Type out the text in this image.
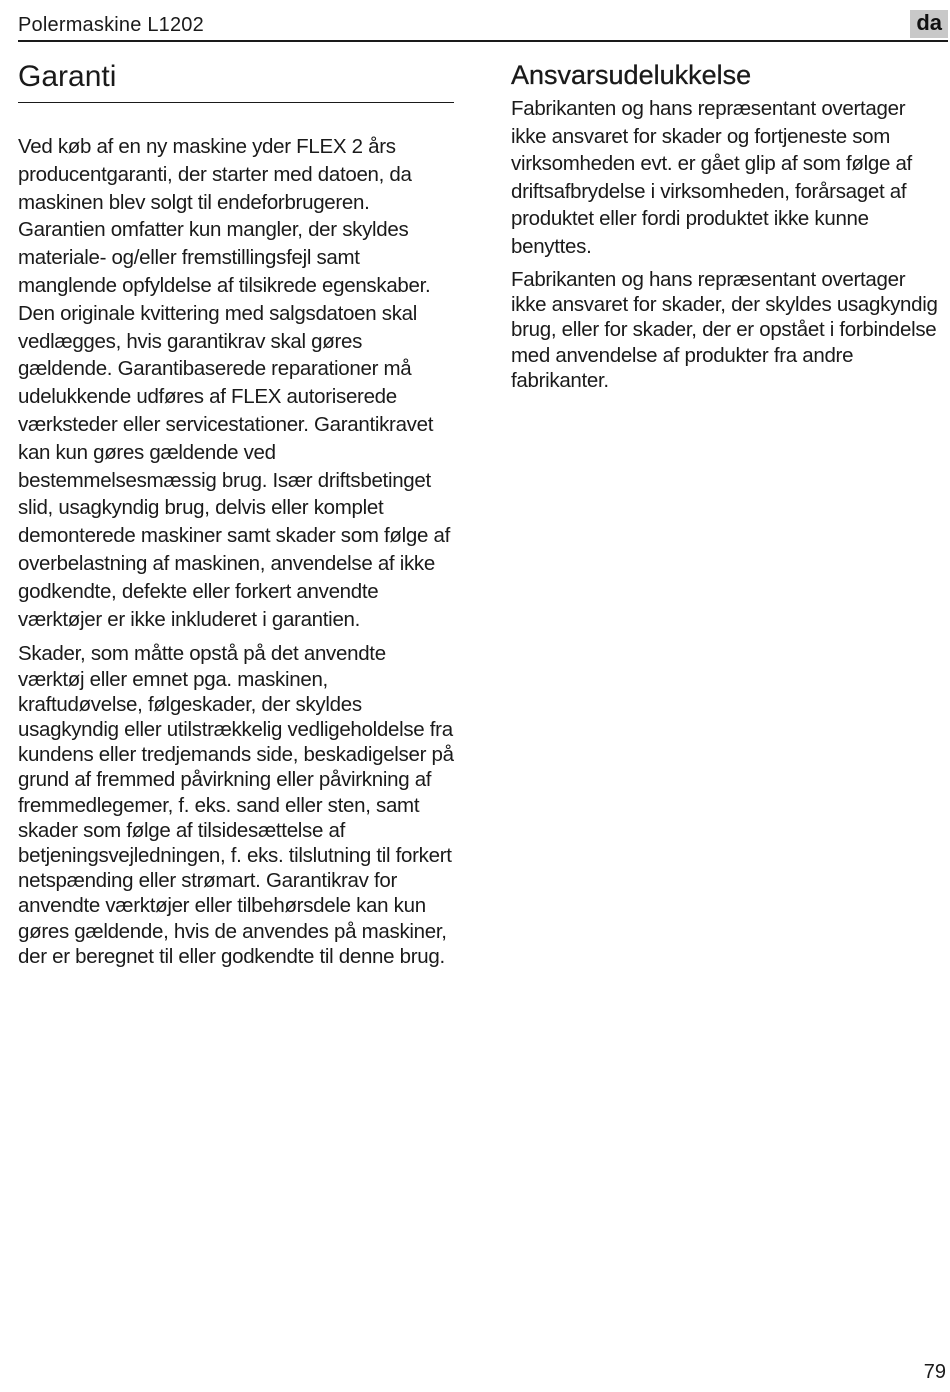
Polermaskine L1202	da
Garanti

Ved køb af en ny maskine yder FLEX 2 års producentgaranti, der starter med datoen, da maskinen blev solgt til endeforbrugeren. Garantien omfatter kun mangler, der skyldes materiale- og/eller fremstillingsfejl samt manglende opfyldelse af tilsikrede egenskaber. Den originale kvittering med salgsdatoen skal vedlægges, hvis garantikrav skal gøres gældende. Garantibaserede reparationer må udelukkende udføres af FLEX autoriserede værksteder eller servicestationer. Garantikravet kan kun gøres gældende ved bestemmelsesmæssig brug. Især driftsbetinget slid, usagkyndig brug, delvis eller komplet demonterede maskiner samt skader som følge af overbelastning af maskinen, anvendelse af ikke godkendte, defekte eller forkert anvendte værktøjer er ikke inkluderet i garantien.

Skader, som måtte opstå på det anvendte værktøj eller emnet pga. maskinen, kraftudøvelse, følgeskader, der skyldes usagkyndig eller utilstrækkelig vedligeholdelse fra kundens eller tredjemands side, beskadigelser på grund af fremmed påvirkning eller påvirkning af fremmedlegemer, f. eks. sand eller sten, samt skader som følge af tilsidesættelse af betjeningsvejledningen, f. eks. tilslutning til forkert netspænding eller strømart. Garantikrav for anvendte værktøjer eller tilbehørsdele kan kun gøres gældende, hvis de anvendes på maskiner, der er beregnet til eller godkendte til denne brug.

Ansvarsudelukkelse

Fabrikanten og hans repræsentant overtager ikke ansvaret for skader og fortjeneste som virksomheden evt. er gået glip af som følge af driftsafbrydelse i virksomheden, forårsaget af produktet eller fordi produktet ikke kunne benyttes.

Fabrikanten og hans repræsentant overtager ikke ansvaret for skader, der skyldes usagkyndig brug, eller for skader, der er opstået i forbindelse med anvendelse af produkter fra andre fabrikanter.

79
